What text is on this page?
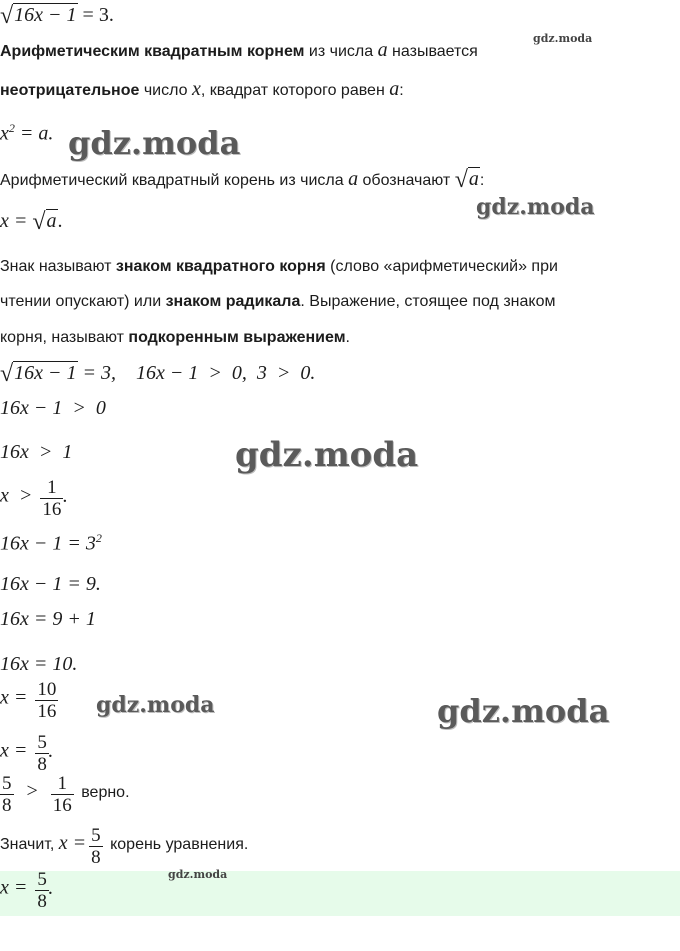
√16x − 1 = 3.
Арифметическим квадратным корнем из числа a называется
неотрицательное число x, квадрат которого равен a:
$x^2 = a$.
Арифметический квадратный корень из числа a обозначают √a:
x = √a.
Знак называют знаком квадратного корня (слово «арифметический» при
чтении опускают) или знаком радикала. Выражение, стоящее под знаком
корня, называют подкоренным выражением.
√16x − 1 = 3,    16x − 1  >  0,  3  >  0.
16x − 1  >  0
16x  >  1
$x > \frac{1}{16}$ .
$16x - 1 = 3^2$
16x − 1 = 9.
16x = 9 + 1
16x = 10.
$x = \frac{10}{16}$
$x = \frac{5}{8}$ .
$\frac{5}{8} > \frac{1}{16}$ верно.
Значит, $x = \frac{5}{8}$ корень уравнения.
$x = \frac{5}{8}$ .
gdz.moda
gdz.moda
gdz.moda
gdz.moda
gdz.moda	gdz.moda
gdz.moda
